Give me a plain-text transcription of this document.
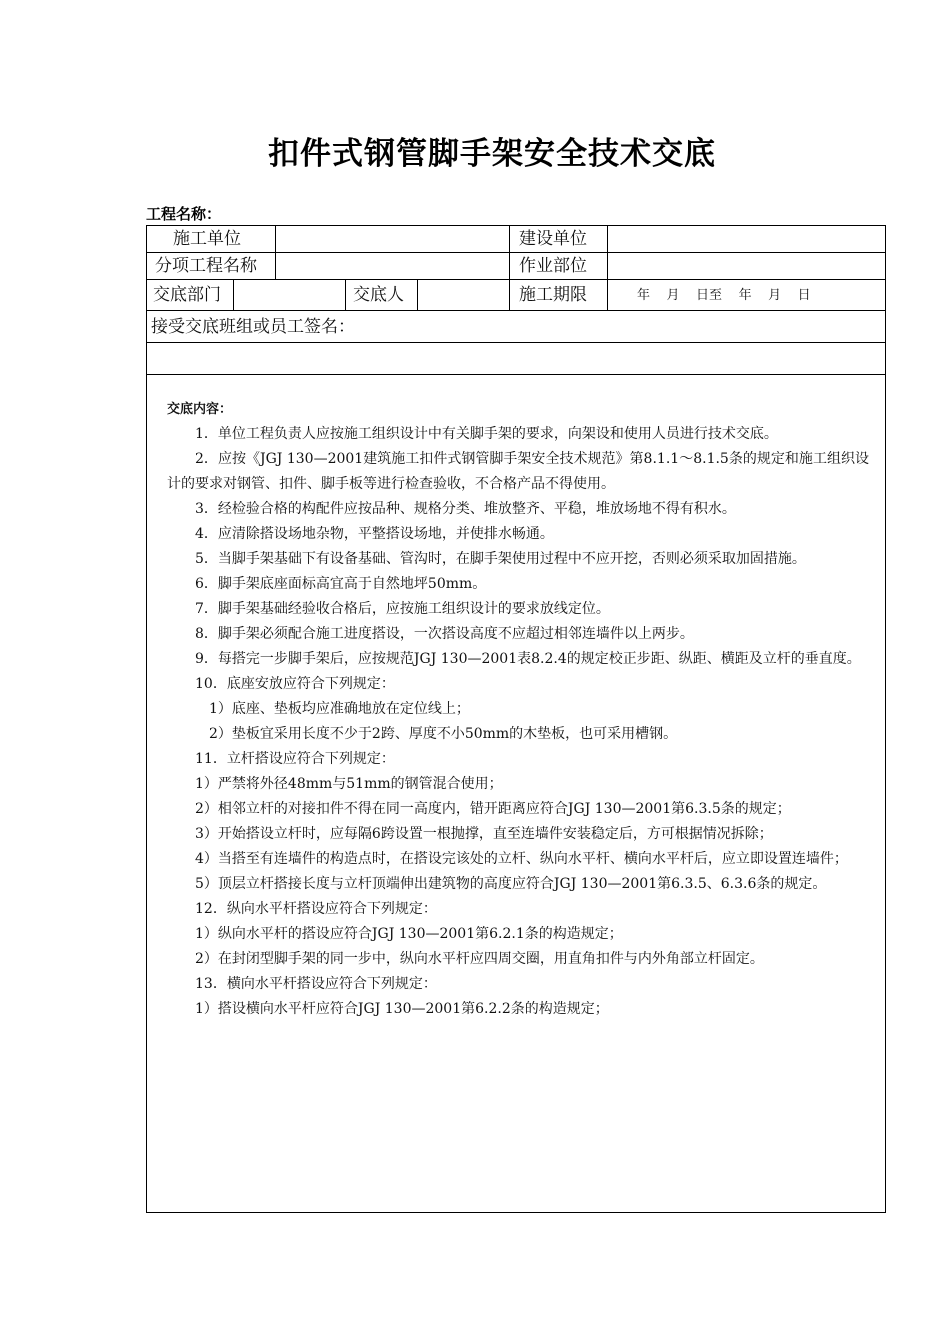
扣件式钢管脚手架安全技术交底
工程名称：
施工单位	建设单位
分项工程名称	作业部位
交底部门	交底人	施工期限	年    月    日至    年    月    日
接受交底班组或员工签名：
交底内容：

1．单位工程负责人应按施工组织设计中有关脚手架的要求，向架设和使用人员进行技术交底。

2．应按《JGJ 130—2001建筑施工扣件式钢管脚手架安全技术规范》第8.1.1～8.1.5条的规定和施工组织设计的要求对钢管、扣件、脚手板等进行检查验收，不合格产品不得使用。

3．经检验合格的构配件应按品种、规格分类、堆放整齐、平稳，堆放场地不得有积水。

4．应清除搭设场地杂物，平整搭设场地，并使排水畅通。

5．当脚手架基础下有设备基础、管沟时，在脚手架使用过程中不应开挖，否则必须采取加固措施。

6．脚手架底座面标高宜高于自然地坪50mm。

7．脚手架基础经验收合格后，应按施工组织设计的要求放线定位。

8．脚手架必须配合施工进度搭设，一次搭设高度不应超过相邻连墙件以上两步。

9．每搭完一步脚手架后，应按规范JGJ 130—2001表8.2.4的规定校正步距、纵距、横距及立杆的垂直度。

10．底座安放应符合下列规定：

1）底座、垫板均应准确地放在定位线上；

2）垫板宜采用长度不少于2跨、厚度不小50mm的木垫板，也可采用槽钢。

11．立杆搭设应符合下列规定：

1）严禁将外径48mm与51mm的钢管混合使用；

2）相邻立杆的对接扣件不得在同一高度内，错开距离应符合JGJ 130—2001第6.3.5条的规定；

3）开始搭设立杆时，应每隔6跨设置一根抛撑，直至连墙件安装稳定后，方可根据情况拆除；

4）当搭至有连墙件的构造点时，在搭设完该处的立杆、纵向水平杆、横向水平杆后，应立即设置连墙件；

5）顶层立杆搭接长度与立杆顶端伸出建筑物的高度应符合JGJ 130—2001第6.3.5、6.3.6条的规定。

12．纵向水平杆搭设应符合下列规定：

1）纵向水平杆的搭设应符合JGJ 130—2001第6.2.1条的构造规定；

2）在封闭型脚手架的同一步中，纵向水平杆应四周交圈，用直角扣件与内外角部立杆固定。

13．横向水平杆搭设应符合下列规定：

1）搭设横向水平杆应符合JGJ 130—2001第6.2.2条的构造规定；
